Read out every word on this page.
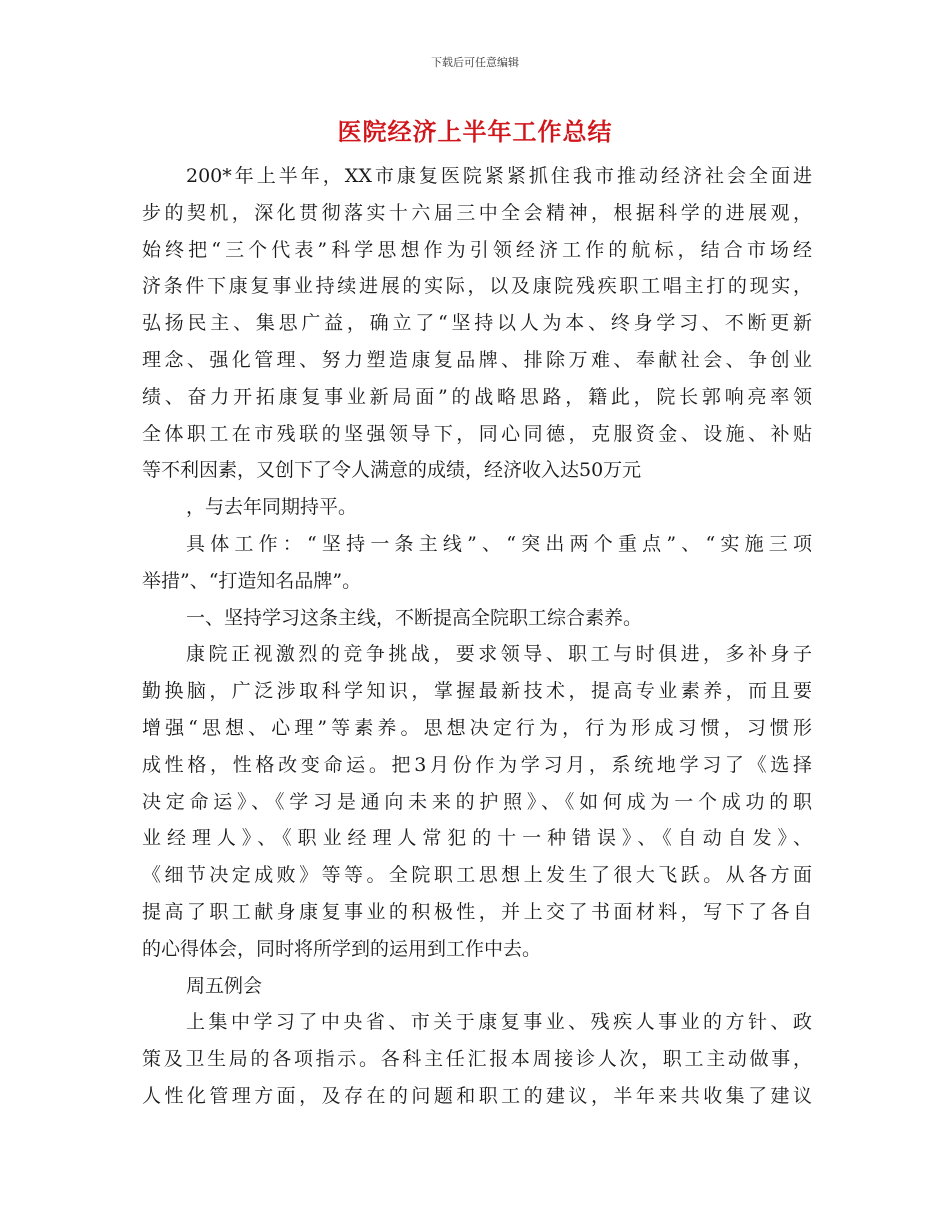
下载后可任意编辑
医院经济上半年工作总结
200*年上半年，XX市康复医院紧紧抓住我市推动经济社会全面进
步的契机，深化贯彻落实十六届三中全会精神，根据科学的进展观，
始终把“三个代表”科学思想作为引领经济工作的航标，结合市场经
济条件下康复事业持续进展的实际，以及康院残疾职工唱主打的现实，
弘扬民主、集思广益，确立了“坚持以人为本、终身学习、不断更新
理念、强化管理、努力塑造康复品牌、排除万难、奉献社会、争创业
绩、奋力开拓康复事业新局面”的战略思路，籍此，院长郭响亮率领
全体职工在市残联的坚强领导下，同心同德，克服资金、设施、补贴
等不利因素，又创下了令人满意的成绩，经济收入达50万元
，与去年同期持平。
具体工作：“坚持一条主线”、“突出两个重点”、“实施三项
举措”、“打造知名品牌”。
一、坚持学习这条主线，不断提高全院职工综合素养。
康院正视激烈的竞争挑战，要求领导、职工与时俱进，多补身子
勤换脑，广泛涉取科学知识，掌握最新技术，提高专业素养，而且要
增强“思想、心理”等素养。思想决定行为，行为形成习惯，习惯形
成性格，性格改变命运。把3月份作为学习月，系统地学习了《选择
决定命运》、《学习是通向未来的护照》、《如何成为一个成功的职
业经理人》、《职业经理人常犯的十一种错误》、《自动自发》、
《细节决定成败》等等。全院职工思想上发生了很大飞跃。从各方面
提高了职工献身康复事业的积极性，并上交了书面材料，写下了各自
的心得体会，同时将所学到的运用到工作中去。
周五例会
上集中学习了中央省、市关于康复事业、残疾人事业的方针、政
策及卫生局的各项指示。各科主任汇报本周接诊人次，职工主动做事，
人性化管理方面，及存在的问题和职工的建议，半年来共收集了建议
